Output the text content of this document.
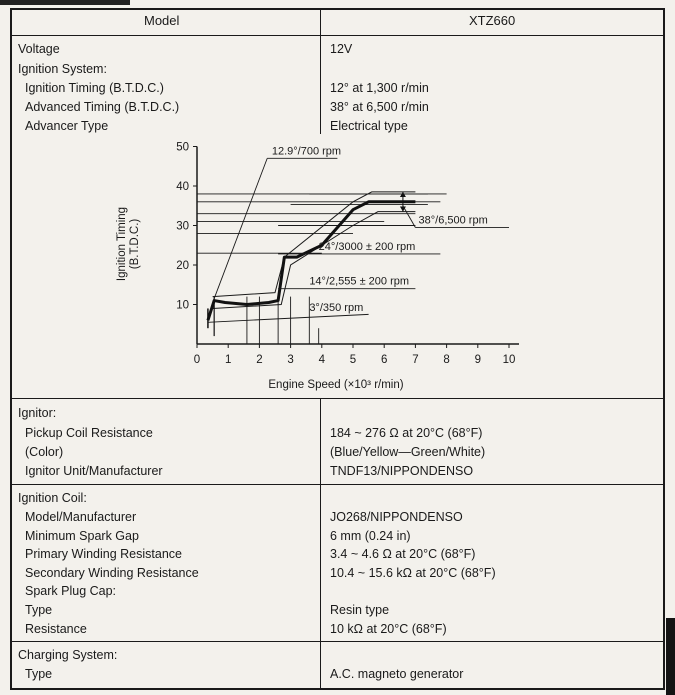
Model	XTZ660
Voltage	12V
Ignition System:
Ignition Timing (B.T.D.C.)	12° at 1,300 r/min
Advanced Timing (B.T.D.C.)	38° at 6,500 r/min
Advancer Type	Electrical type
0 1 2 3 4 5 6 7 8 9 10
10
20
30
40
50	12.9°/700 rpm
38°/6,500 rpm
24°/3000 ± 200 rpm
14°/2,555 ± 200 rpm
3°/350 rpm
Engine Speed (×10³ r/min)
Ignition Timing (B.T.D.C.)
Ignitor:
Pickup Coil Resistance	184 ~ 276 Ω at 20°C (68°F)
(Color)	(Blue/Yellow—Green/White)
Ignitor Unit/Manufacturer	TNDF13/NIPPONDENSO
Ignition Coil:
Model/Manufacturer	JO268/NIPPONDENSO
Minimum Spark Gap	6 mm (0.24 in)
Primary Winding Resistance	3.4 ~ 4.6 Ω at 20°C (68°F)
Secondary Winding Resistance	10.4 ~ 15.6 kΩ at 20°C (68°F)
Spark Plug Cap:
Type	Resin type
Resistance	10 kΩ at 20°C (68°F)
Charging System:
Type	A.C. magneto generator
